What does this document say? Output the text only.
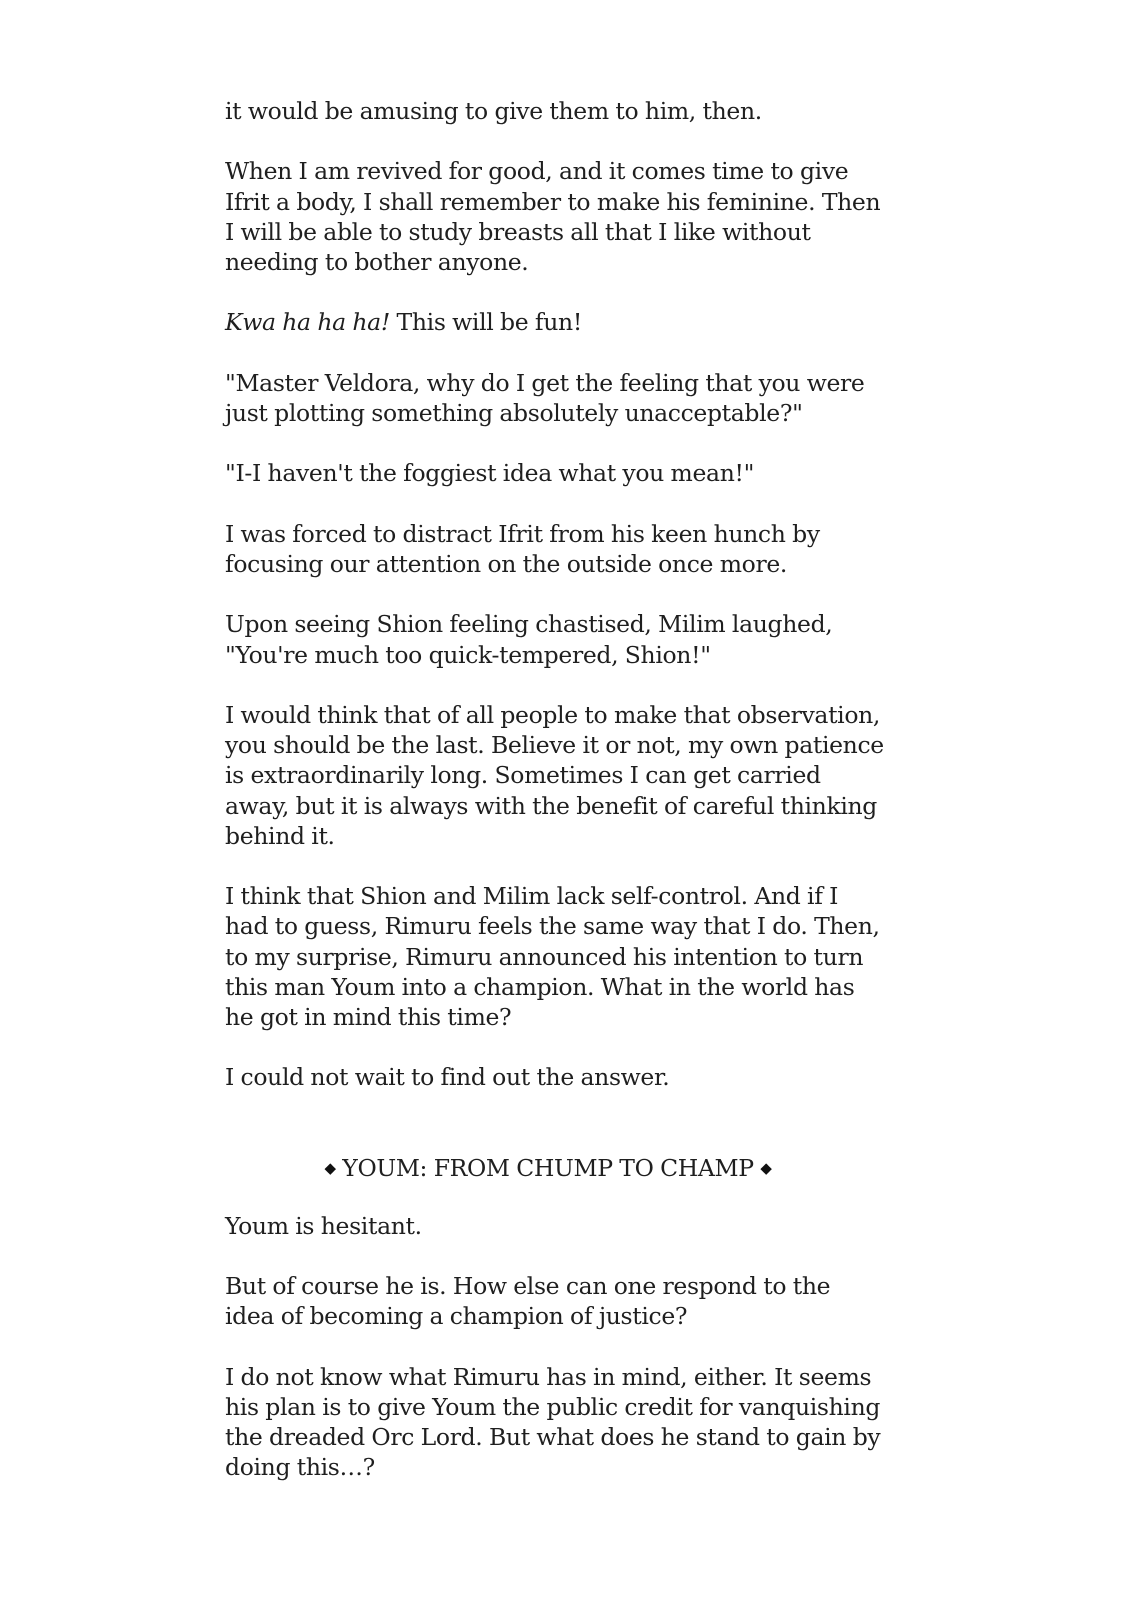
it would be amusing to give them to him, then.

When I am revived for good, and it comes time to give Ifrit a body, I shall remember to make his feminine. Then I will be able to study breasts all that I like without needing to bother anyone.

Kwa ha ha ha! This will be fun!

"Master Veldora, why do I get the feeling that you were just plotting something absolutely unacceptable?"

"I-I haven't the foggiest idea what you mean!"

I was forced to distract Ifrit from his keen hunch by focusing our attention on the outside once more.

Upon seeing Shion feeling chastised, Milim laughed, "You're much too quick-tempered, Shion!"

I would think that of all people to make that observation, you should be the last. Believe it or not, my own patience is extraordinarily long. Sometimes I can get carried away, but it is always with the benefit of careful thinking behind it.

I think that Shion and Milim lack self-control. And if I had to guess, Rimuru feels the same way that I do. Then, to my surprise, Rimuru announced his intention to turn this man Youm into a champion. What in the world has he got in mind this time?

I could not wait to find out the answer.

◆ YOUM: FROM CHUMP TO CHAMP ◆

Youm is hesitant.

But of course he is. How else can one respond to the idea of becoming a champion of justice?

I do not know what Rimuru has in mind, either. It seems his plan is to give Youm the public credit for vanquishing the dreaded Orc Lord. But what does he stand to gain by doing this…?
